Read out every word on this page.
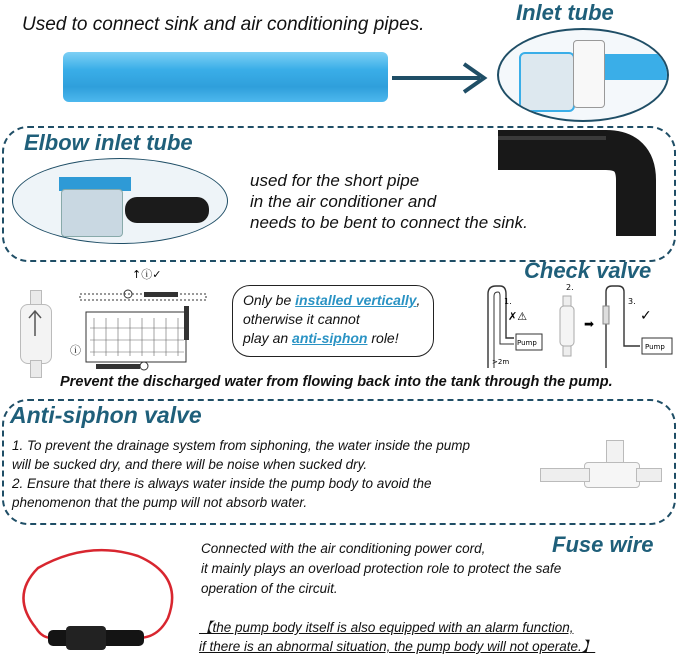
Used to connect sink and air conditioning pipes.	Inlet tube
Elbow inlet tube
used for the short pipe
in the air conditioner and
needs to be bent to connect the sink.
Check valve
↑ⓘ✓
ⓘ
Only be installed vertically,
otherwise it cannot
play an anti-siphon role!
1.
✗⚠
Pump
>2m
2.
➡
3.
✓
Pump
Prevent the discharged water from flowing back into the tank through the pump.
Anti-siphon valve
1. To prevent the drainage system from siphoning, the water inside the pump
will be sucked dry, and there will be noise when sucked dry.
2. Ensure that there is always water inside the pump body to avoid the
phenomenon that the pump will not absorb water.
Fuse wire
Connected with the air conditioning power cord,
it mainly plays an overload protection role to protect the safe
operation of the circuit.
【the pump body itself is also equipped with an alarm function,
if there is an abnormal situation, the pump body will not operate.】
